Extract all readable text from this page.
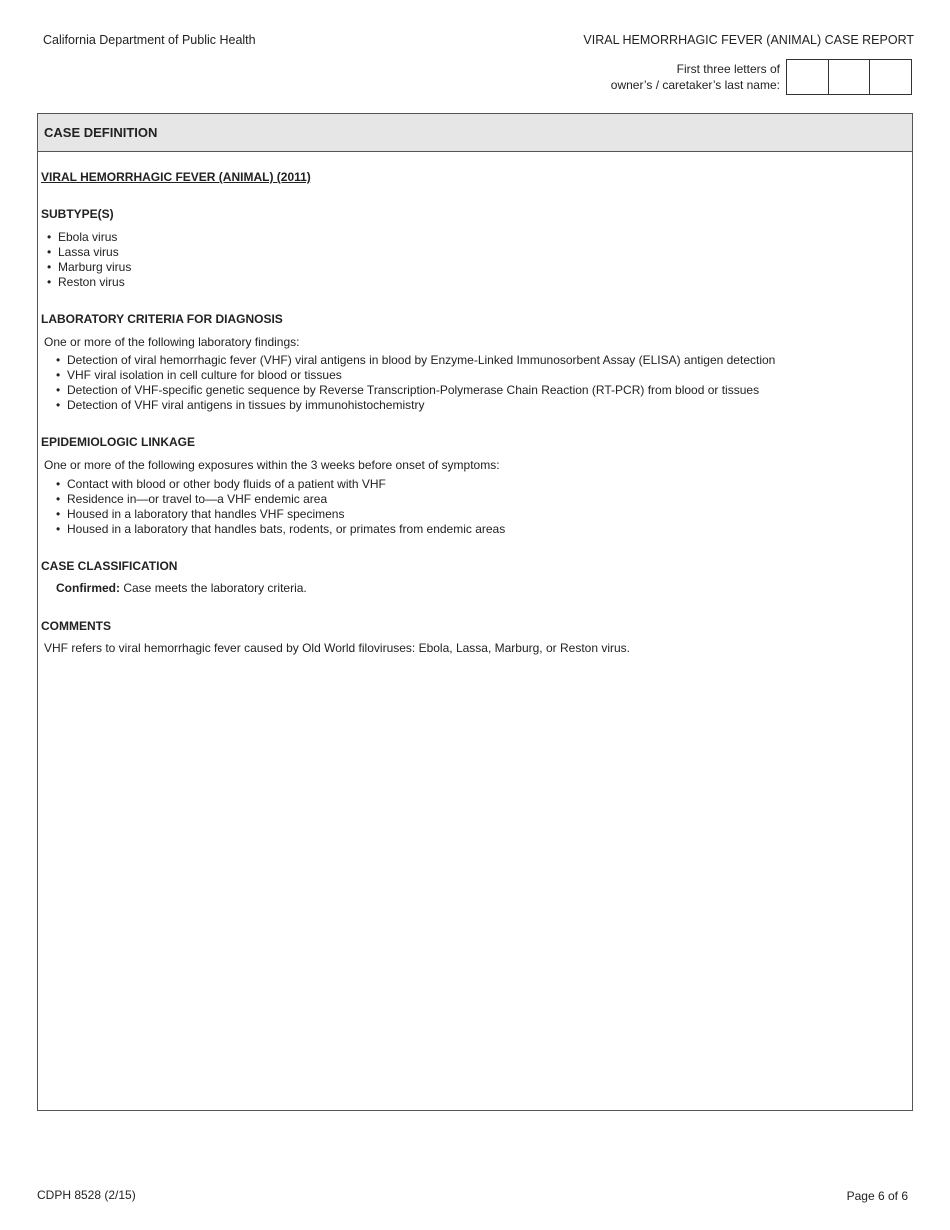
California Department of Public Health	VIRAL HEMORRHAGIC FEVER (ANIMAL) CASE REPORT
First three letters of
owner’s / caretaker’s last name:
CASE DEFINITION

VIRAL HEMORRHAGIC FEVER (ANIMAL) (2011)

SUBTYPE(S)

• Ebola virus
• Lassa virus
• Marburg virus
• Reston virus

LABORATORY CRITERIA FOR DIAGNOSIS

One or more of the following laboratory findings:

• Detection of viral hemorrhagic fever (VHF) viral antigens in blood by Enzyme-Linked Immunosorbent Assay (ELISA) antigen detection
• VHF viral isolation in cell culture for blood or tissues
• Detection of VHF-specific genetic sequence by Reverse Transcription-Polymerase Chain Reaction (RT-PCR) from blood or tissues
• Detection of VHF viral antigens in tissues by immunohistochemistry

EPIDEMIOLOGIC LINKAGE

One or more of the following exposures within the 3 weeks before onset of symptoms:

• Contact with blood or other body fluids of a patient with VHF
• Residence in—or travel to—a VHF endemic area
• Housed in a laboratory that handles VHF specimens
• Housed in a laboratory that handles bats, rodents, or primates from endemic areas

CASE CLASSIFICATION

Confirmed: Case meets the laboratory criteria.

COMMENTS

VHF refers to viral hemorrhagic fever caused by Old World filoviruses: Ebola, Lassa, Marburg, or Reston virus.

CDPH 8528 (2/15)	Page 6 of 6
